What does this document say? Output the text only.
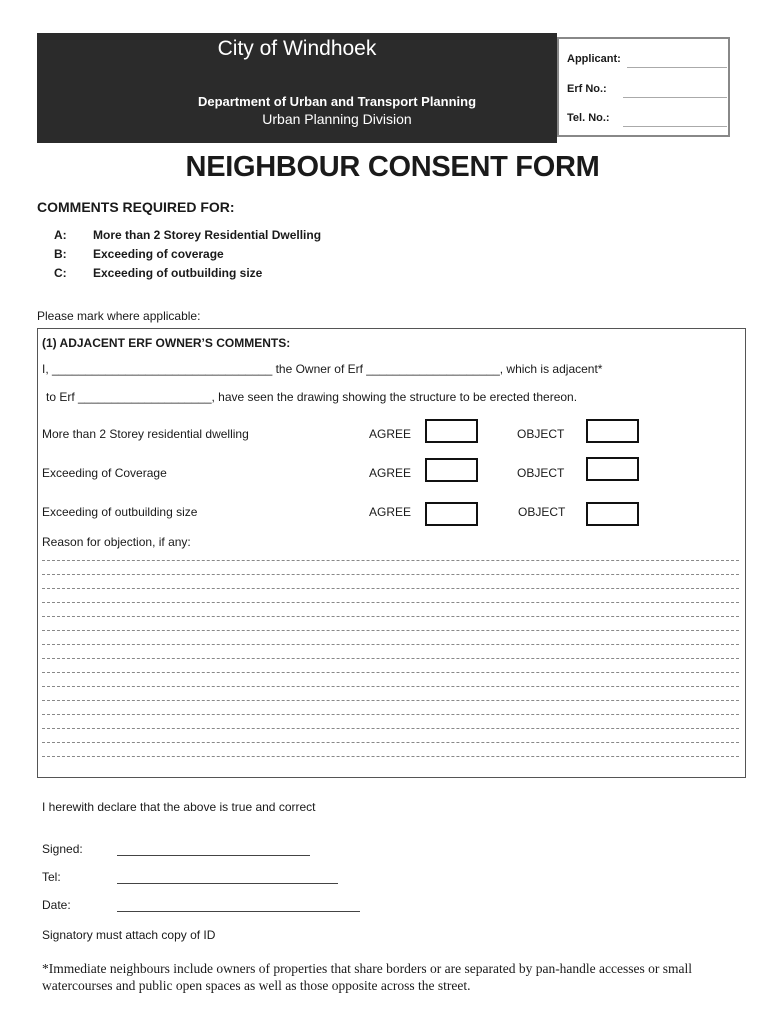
City of Windhoek
Department of Urban and Transport Planning
Urban Planning Division
Applicant:
Erf No.:
Tel. No.:
NEIGHBOUR CONSENT FORM
COMMENTS REQUIRED FOR:
A: More than 2 Storey Residential Dwelling
B: Exceeding of coverage
C: Exceeding of outbuilding size
Please mark where applicable:
(1) ADJACENT ERF OWNER’S COMMENTS:
I, _________________________________ the Owner of Erf ____________________, which is adjacent*
to Erf ____________________, have seen the drawing showing the structure to be erected thereon.
More than 2 Storey residential dwelling	AGREE	OBJECT
Exceeding of Coverage	AGREE	OBJECT
Exceeding of outbuilding size	AGREE	OBJECT
Reason for objection, if any:
I herewith declare that the above is true and correct
Signed:
Tel:
Date:
Signatory must attach copy of ID
*Immediate neighbours include owners of properties that share borders or are separated by pan-handle accesses or small watercourses and public open spaces as well as those opposite across the street.
